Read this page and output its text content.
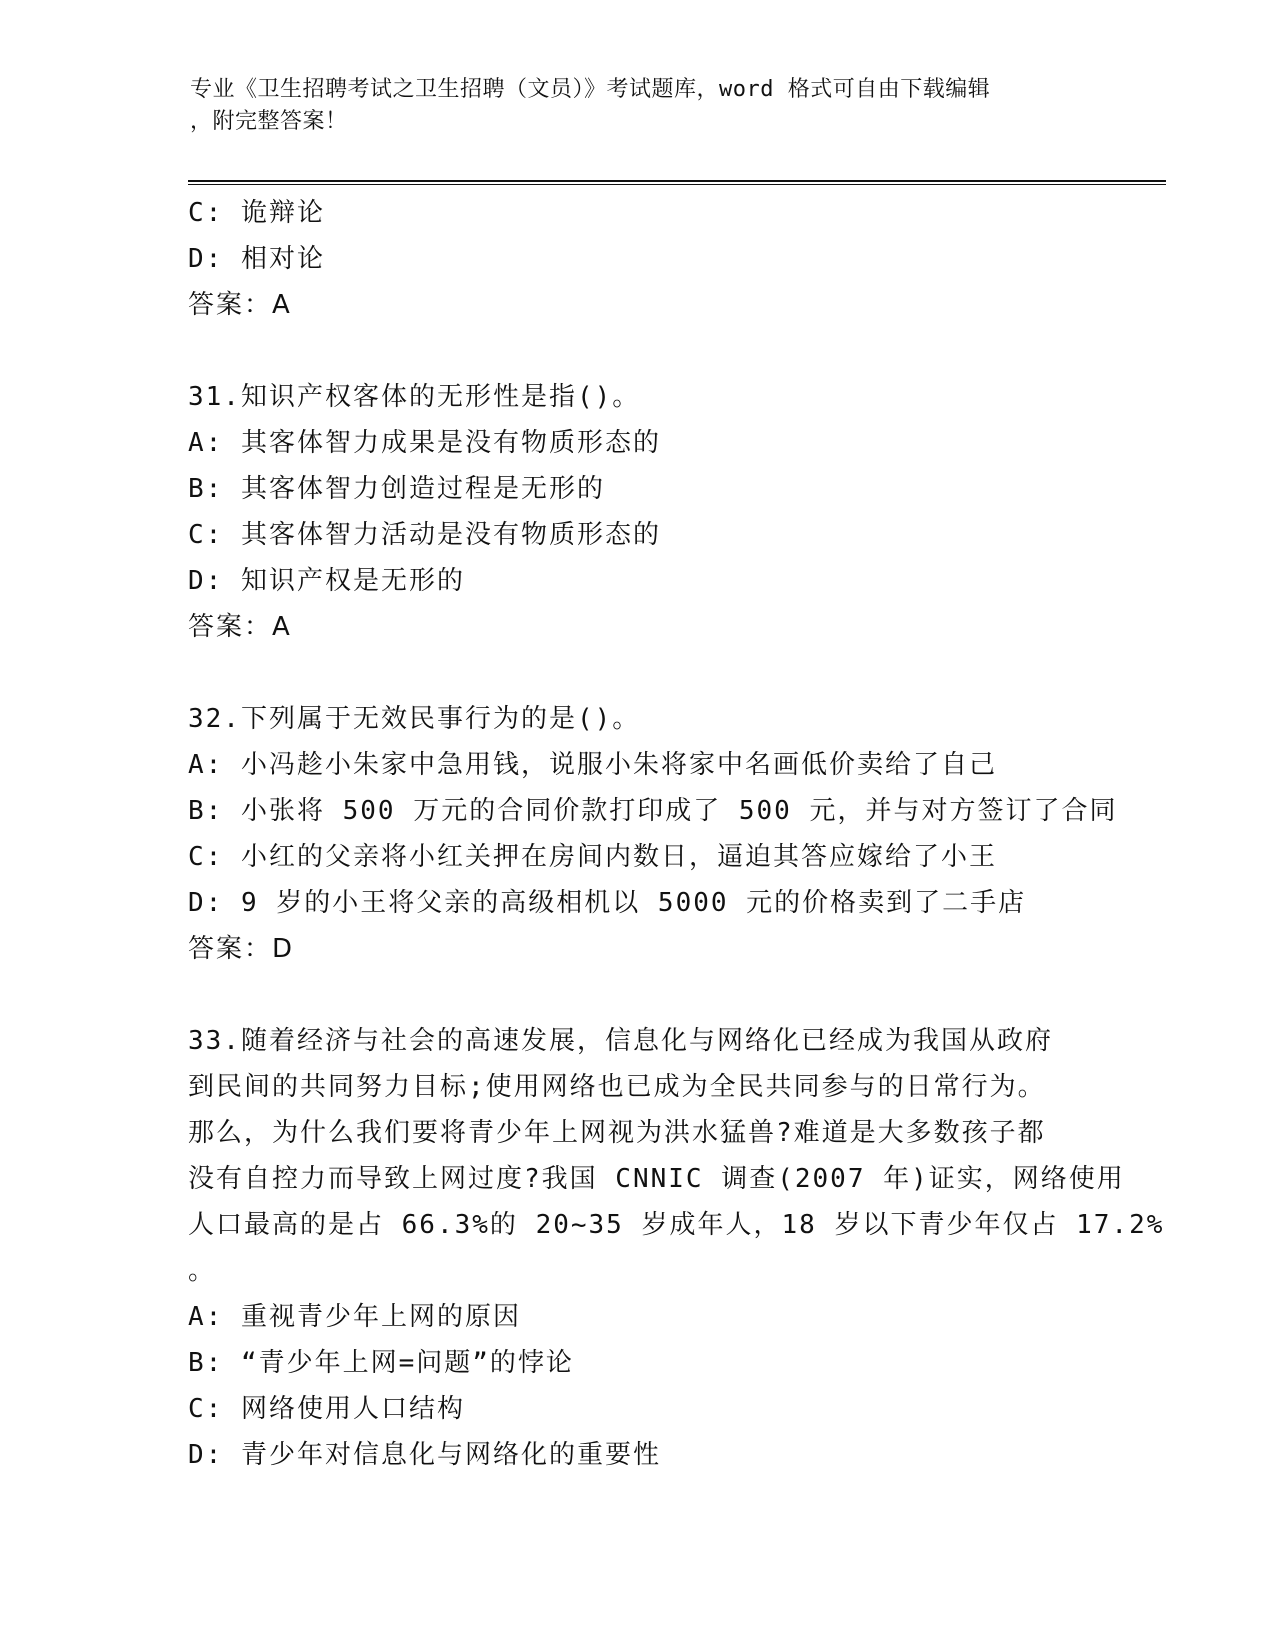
专业《卫生招聘考试之卫生招聘（文员）》考试题库，word 格式可自由下载编辑
，附完整答案！
C: 诡辩论
D: 相对论
答案：A
31.知识产权客体的无形性是指()。
A: 其客体智力成果是没有物质形态的
B: 其客体智力创造过程是无形的
C: 其客体智力活动是没有物质形态的
D: 知识产权是无形的
答案：A
32.下列属于无效民事行为的是()。
A: 小冯趁小朱家中急用钱，说服小朱将家中名画低价卖给了自己
B: 小张将 500 万元的合同价款打印成了 500 元，并与对方签订了合同
C: 小红的父亲将小红关押在房间内数日，逼迫其答应嫁给了小王
D: 9 岁的小王将父亲的高级相机以 5000 元的价格卖到了二手店
答案：D
33.随着经济与社会的高速发展，信息化与网络化已经成为我国从政府
到民间的共同努力目标;使用网络也已成为全民共同参与的日常行为。
那么，为什么我们要将青少年上网视为洪水猛兽?难道是大多数孩子都
没有自控力而导致上网过度?我国 CNNIC 调查(2007 年)证实，网络使用
人口最高的是占 66.3%的 20~35 岁成年人，18 岁以下青少年仅占 17.2%
。
A: 重视青少年上网的原因
B: “青少年上网=问题”的悖论
C: 网络使用人口结构
D: 青少年对信息化与网络化的重要性
